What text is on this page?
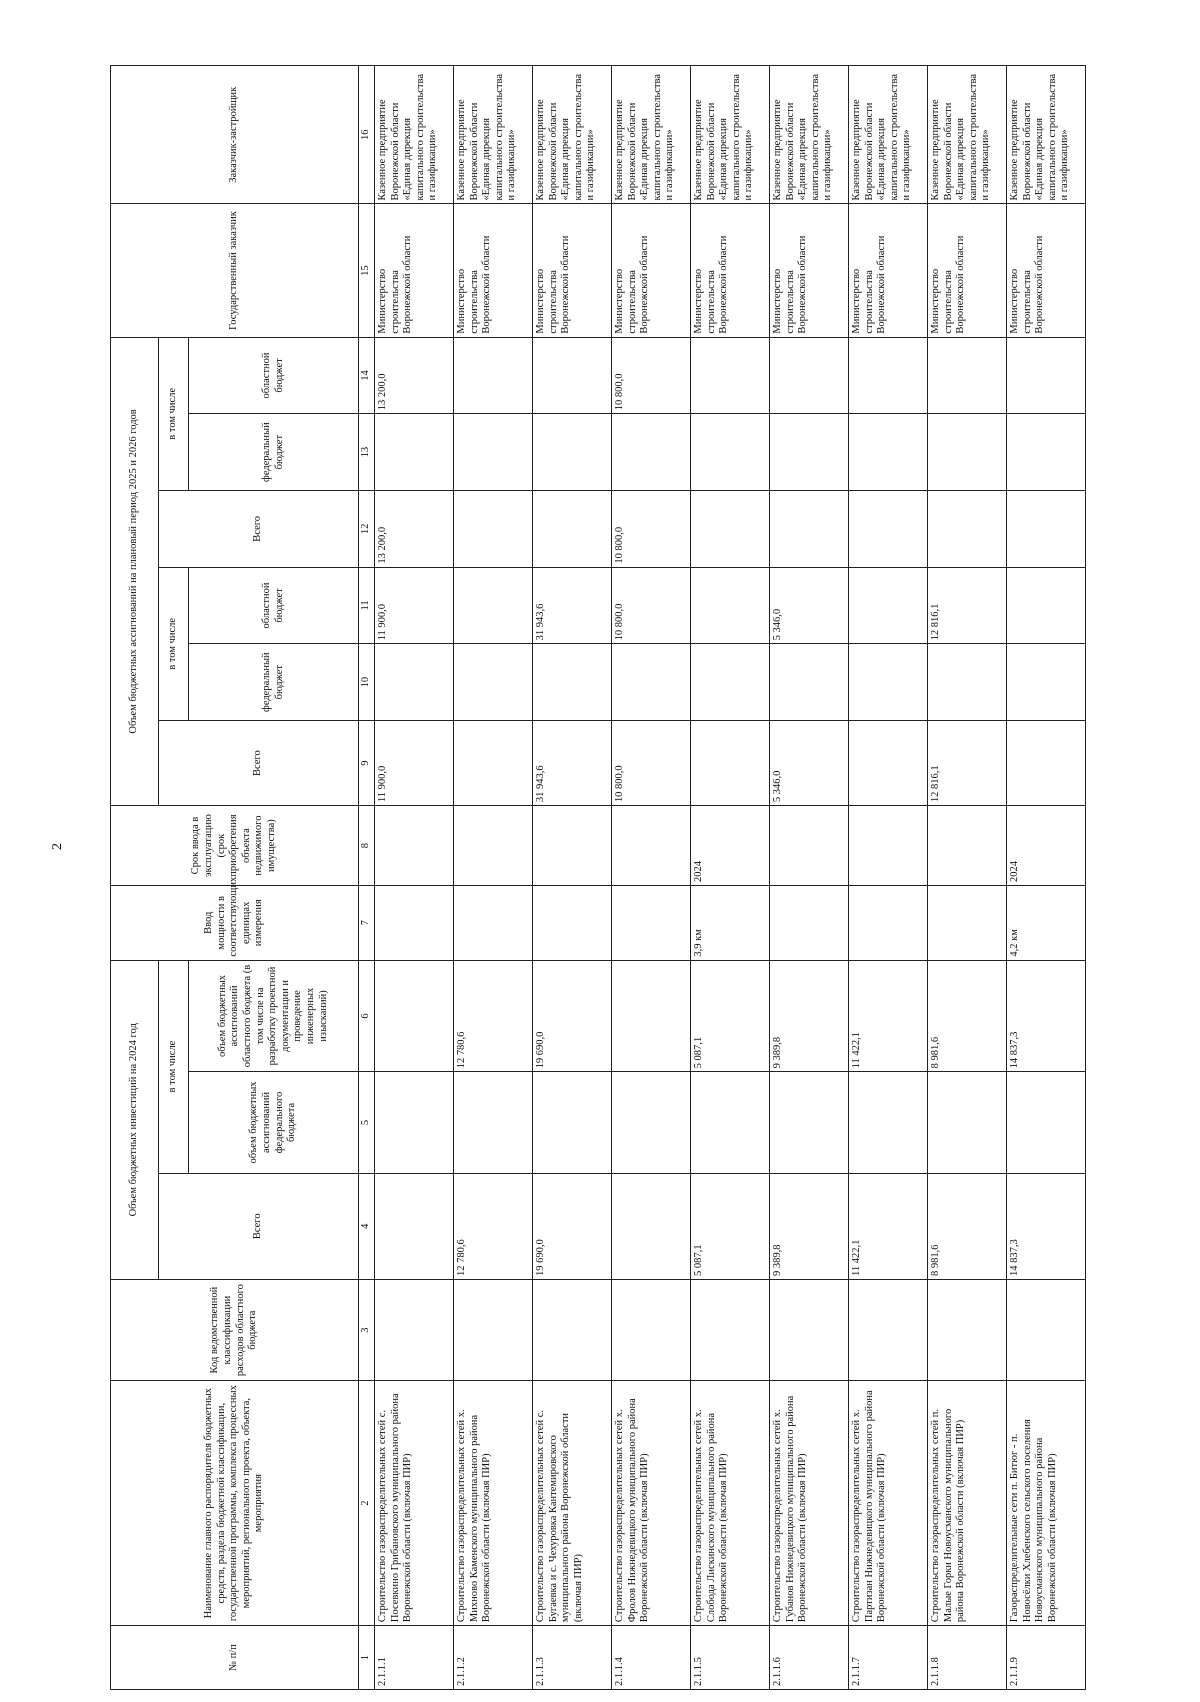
2
№ п/п	Наименование главного распорядителя бюджетных средств, раздела бюджетной классификации, государственной программы, комплекса процессных мероприятий, регионального проекта, объекта, мероприятия	Код ведомственной классификации расходов областного бюджета	Объем бюджетных инвестиций на 2024 год			Ввод мощности в соответствующих единицах измерения	Срок ввода в эксплуатацию (срок приобретения объекта недвижимого имущества)	Объем бюджетных ассигнований на плановый период 2025 и 2026 годов						Государственный заказчик	Заказчик-застройщик
			Всего	в том числе				Всего	в том числе		Всего	в том числе			
				объем бюджетных ассигнований федерального бюджета	объем бюджетных ассигнований областного бюджета (в том числе на разработку проектной документации и проведение инженерных изысканий)				федеральный бюджет	областной бюджет		федеральный бюджет	областной бюджет		
1	2	3	4	5	6	7	8	9	10	11	12	13	14	15	16
2.1.1.1	Строительство газораспределительных сетей с. Посевкино Грибановского муниципального района Воронежской области (включая ПИР)							11 900,0		11 900,0	13 200,0		13 200,0	Министерство строительства Воронежской области	Казенное предприятие Воронежской области «Единая дирекция капитального строительства и газификации»
2.1.1.2	Строительство газораспределительных сетей х. Михново Каменского муниципального района Воронежской области (включая ПИР)		12 780,6		12 780,6									Министерство строительства Воронежской области	Казенное предприятие Воронежской области «Единая дирекция капитального строительства и газификации»
2.1.1.3	Строительство газораспределительных сетей с. Бугаевка и с. Чехуровка Кантемировского муниципального района Воронежской области (включая ПИР)		19 690,0		19 690,0			31 943,6		31 943,6				Министерство строительства Воронежской области	Казенное предприятие Воронежской области «Единая дирекция капитального строительства и газификации»
2.1.1.4	Строительство газораспределительных сетей х. Фролов Нижнедевицкого муниципального района Воронежской области (включая ПИР)							10 800,0		10 800,0	10 800,0		10 800,0	Министерство строительства Воронежской области	Казенное предприятие Воронежской области «Единая дирекция капитального строительства и газификации»
2.1.1.5	Строительство газораспределительных сетей х. Слобода Лискинского муниципального района Воронежской области (включая ПИР)		5 087,1		5 087,1	3,9 км	2024							Министерство строительства Воронежской области	Казенное предприятие Воронежской области «Единая дирекция капитального строительства и газификации»
2.1.1.6	Строительство газораспределительных сетей х. Губанов Нижнедевицкого муниципального района Воронежской области (включая ПИР)		9 389,8		9 389,8			5 346,0		5 346,0				Министерство строительства Воронежской области	Казенное предприятие Воронежской области «Единая дирекция капитального строительства и газификации»
2.1.1.7	Строительство газораспределительных сетей х. Партизан Нижнедевицкого муниципального района Воронежской области (включая ПИР)		11 422,1		11 422,1									Министерство строительства Воронежской области	Казенное предприятие Воронежской области «Единая дирекция капитального строительства и газификации»
2.1.1.8	Строительство газораспределительных сетей п. Малые Горки Новоусманского муниципального района Воронежской области (включая ПИР)		8 981,6		8 981,6			12 816,1		12 816,1				Министерство строительства Воронежской области	Казенное предприятие Воронежской области «Единая дирекция капитального строительства и газификации»
2.1.1.9	Газораспределительные сети п. Битюг - п. Новосёлки Хлебенского сельского поселения Новоусманского муниципального района Воронежской области (включая ПИР)		14 837,3		14 837,3	4,2 км	2024							Министерство строительства Воронежской области	Казенное предприятие Воронежской области «Единая дирекция капитального строительства и газификации»
